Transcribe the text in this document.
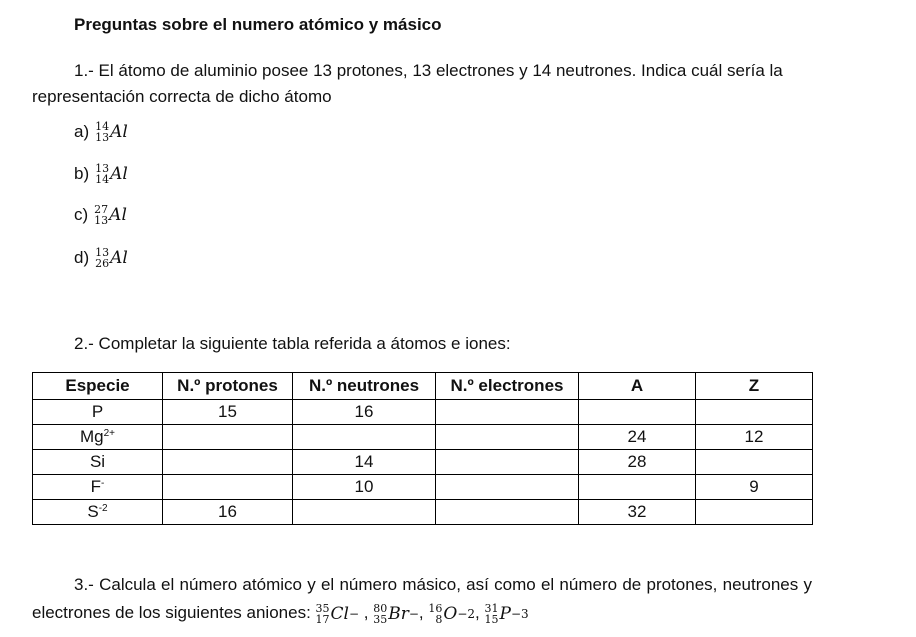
Preguntas sobre el numero atómico y másico
1.- El átomo de aluminio posee 13 protones, 13 electrones y 14 neutrones. Indica cuál sería la representación correcta de dicho átomo
a) 14
13 Al
b) 13
14 Al
c) 27
13 Al
d) 13
26 Al
2.- Completar la siguiente tabla referida a átomos e iones:
Especie	N.º protones	N.º neutrones	N.º electrones	A	Z
P	15	16			
$Mg^{2+}$				24	12
Si		14		28	
F-		10			9
$S^{-2}$	16			32	
3.- Calcula el número atómico y el número másico, así como el número de protones, neutrones y electrones de los siguientes aniones: 35
17 Cl − , 80
35 Br − , 16
8 O −2 , 31
15 P −3
